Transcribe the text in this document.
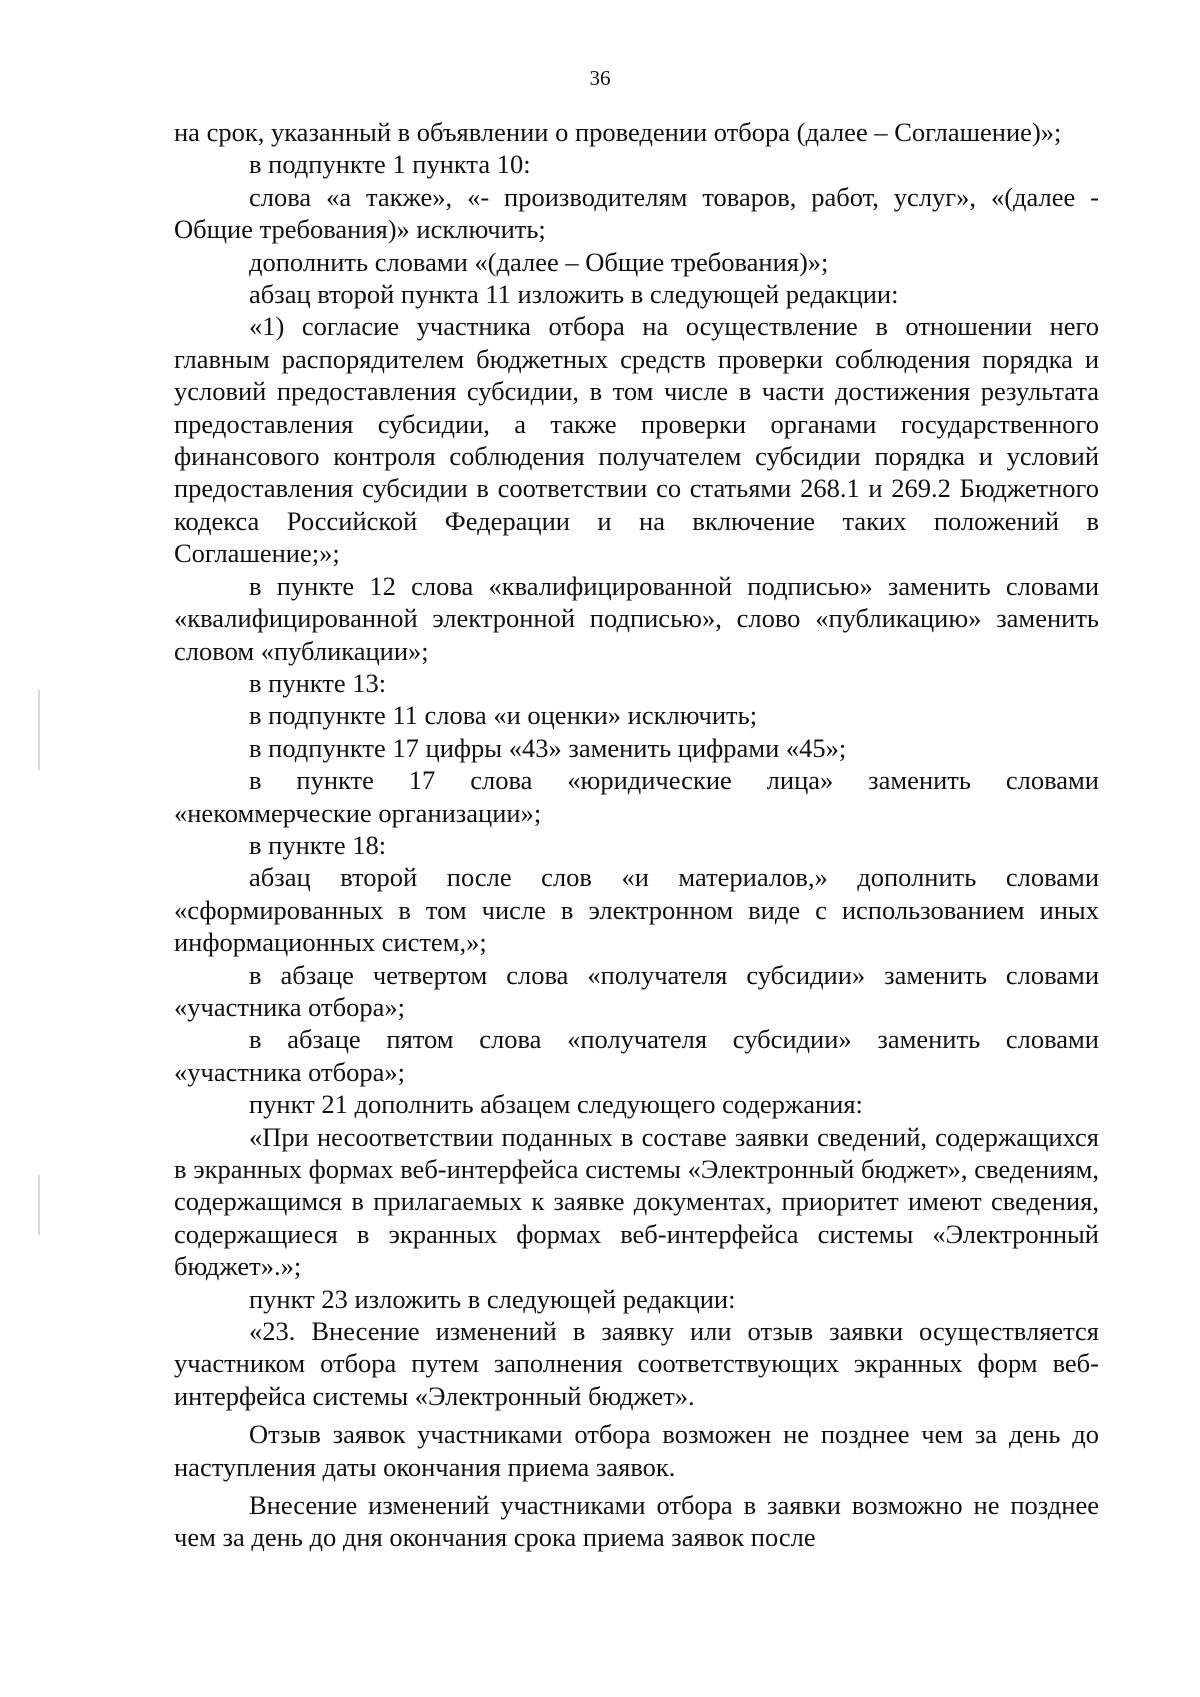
36

на срок, указанный в объявлении о проведении отбора (далее – Соглашение)»;

в подпункте 1 пункта 10:

слова «а также», «- производителям товаров, работ, услуг», «(далее - Общие требования)» исключить;

дополнить словами «(далее – Общие требования)»;

абзац второй пункта 11 изложить в следующей редакции:

«1) согласие участника отбора на осуществление в отношении него главным распорядителем бюджетных средств проверки соблюдения порядка и условий предоставления субсидии, в том числе в части достижения результата предоставления субсидии, а также проверки органами государственного финансового контроля соблюдения получателем субсидии порядка и условий предоставления субсидии в соответствии со статьями 268.1 и 269.2 Бюджетного кодекса Российской Федерации и на включение таких положений в Соглашение;»;

в пункте 12 слова «квалифицированной подписью» заменить словами «квалифицированной электронной подписью», слово «публикацию» заменить словом «публикации»;

в пункте 13:

в подпункте 11 слова «и оценки» исключить;

в подпункте 17 цифры «43» заменить цифрами «45»;

в пункте 17 слова «юридические лица» заменить словами «некоммерческие организации»;

в пункте 18:

абзац второй после слов «и материалов,» дополнить словами «сформированных в том числе в электронном виде с использованием иных информационных систем,»;

в абзаце четвертом слова «получателя субсидии» заменить словами «участника отбора»;

в абзаце пятом слова «получателя субсидии» заменить словами «участника отбора»;

пункт 21 дополнить абзацем следующего содержания:

«При несоответствии поданных в составе заявки сведений, содержащихся в экранных формах веб-интерфейса системы «Электронный бюджет», сведениям, содержащимся в прилагаемых к заявке документах, приоритет имеют сведения, содержащиеся в экранных формах веб-интерфейса системы «Электронный бюджет».»;

пункт 23 изложить в следующей редакции:

«23. Внесение изменений в заявку или отзыв заявки осуществляется участником отбора путем заполнения соответствующих экранных форм веб-интерфейса системы «Электронный бюджет».

Отзыв заявок участниками отбора возможен не позднее чем за день до наступления даты окончания приема заявок.

Внесение изменений участниками отбора в заявки возможно не позднее чем за день до дня окончания срока приема заявок после
